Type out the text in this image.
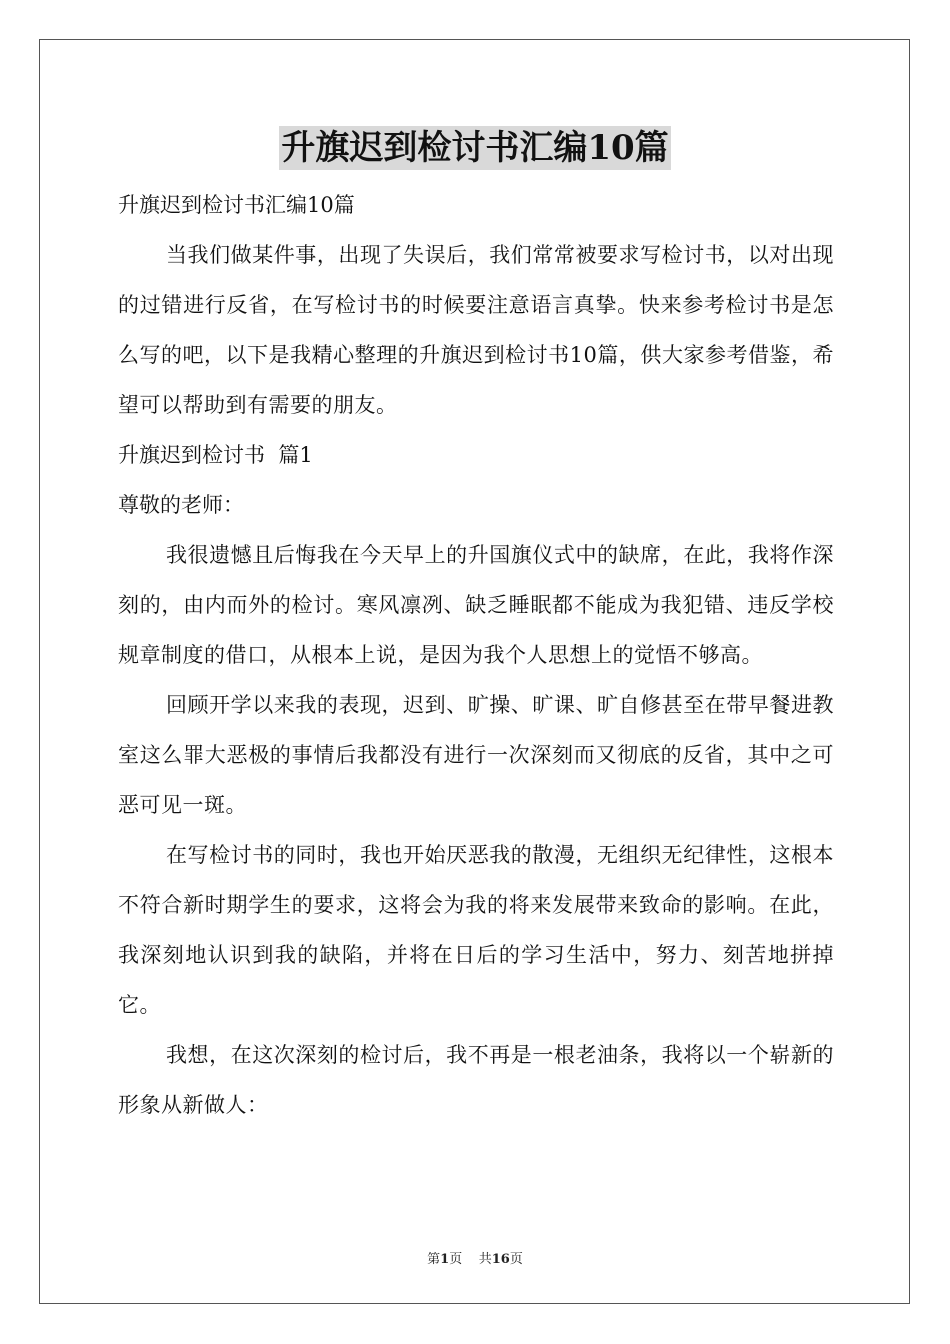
升旗迟到检讨书汇编10篇

升旗迟到检讨书汇编10篇

当我们做某件事，出现了失误后，我们常常被要求写检讨书，以对出现的过错进行反省，在写检讨书的时候要注意语言真挚。快来参考检讨书是怎么写的吧，以下是我精心整理的升旗迟到检讨书10篇，供大家参考借鉴，希望可以帮助到有需要的朋友。

升旗迟到检讨书  篇1

尊敬的老师：

我很遗憾且后悔我在今天早上的升国旗仪式中的缺席，在此，我将作深刻的，由内而外的检讨。寒风凛冽、缺乏睡眠都不能成为我犯错、违反学校规章制度的借口，从根本上说，是因为我个人思想上的觉悟不够高。

回顾开学以来我的表现，迟到、旷操、旷课、旷自修甚至在带早餐进教室这么罪大恶极的事情后我都没有进行一次深刻而又彻底的反省，其中之可恶可见一斑。

在写检讨书的同时，我也开始厌恶我的散漫，无组织无纪律性，这根本不符合新时期学生的要求，这将会为我的将来发展带来致命的影响。在此，我深刻地认识到我的缺陷，并将在日后的学习生活中，努力、刻苦地拼掉它。

我想，在这次深刻的检讨后，我不再是一根老油条，我将以一个崭新的形象从新做人：

第1页 共16页
